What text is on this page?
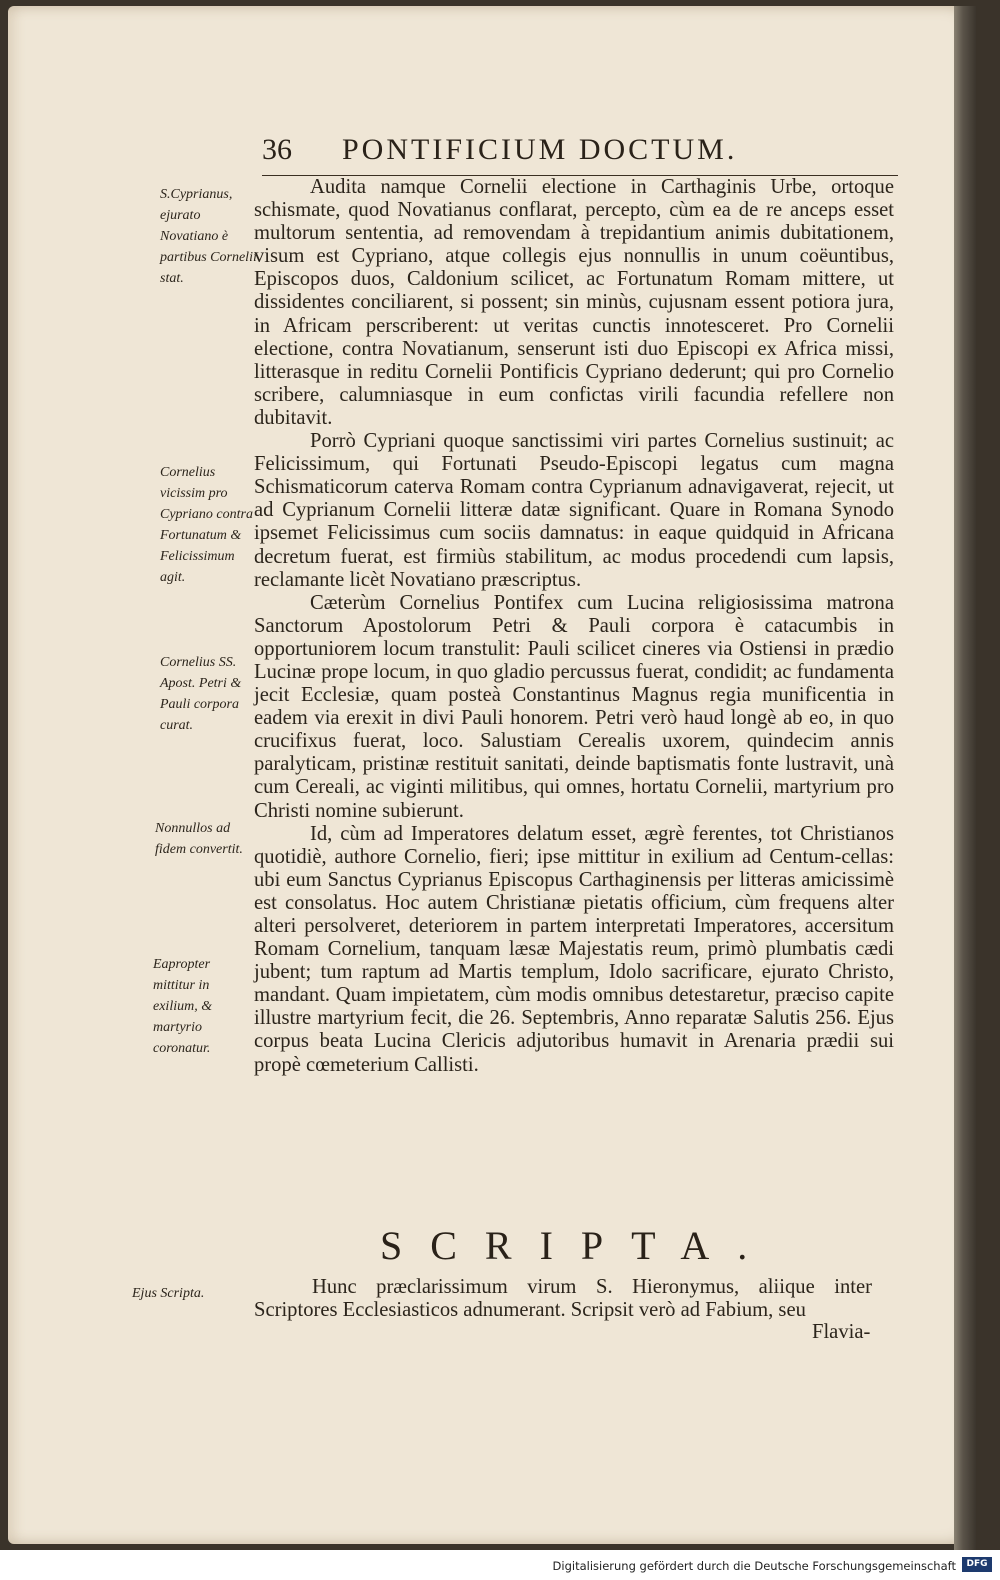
36 PONTIFICIUM DOCTUM.
S.Cyprianus, ejurato Novatiano è partibus Cornelii stat.
Cornelius vicissim pro Cypriano contra Fortunatum & Felicissimum agit.
Cornelius SS. Apost. Petri & Pauli corpora curat.
Nonnullos ad fidem convertit.
Eapropter mittitur in exilium, & martyrio coronatur.
Ejus Scripta.

Audita namque Cornelii electione in Carthaginis Urbe, ortoque schismate, quod Novatianus conflarat, percepto, cùm ea de re anceps esset multorum sententia, ad removendam à trepidantium animis dubitationem, visum est Cypriano, atque collegis ejus nonnullis in unum coëuntibus, Episcopos duos, Caldonium scilicet, ac Fortunatum Romam mittere, ut dissidentes conciliarent, si possent; sin minùs, cujusnam essent potiora jura, in Africam perscriberent: ut veritas cunctis innotesceret. Pro Cornelii electione, contra Novatianum, senserunt isti duo Episcopi ex Africa missi, litterasque in reditu Cornelii Pontificis Cypriano dederunt; qui pro Cornelio scribere, calumniasque in eum confictas virili facundia refellere non dubitavit.

Porrò Cypriani quoque sanctissimi viri partes Cornelius sustinuit; ac Felicissimum, qui Fortunati Pseudo-Episcopi legatus cum magna Schismaticorum caterva Romam contra Cyprianum adnavigaverat, rejecit, ut ad Cyprianum Cornelii litteræ datæ significant. Quare in Romana Synodo ipsemet Felicissimus cum sociis damnatus: in eaque quidquid in Africana decretum fuerat, est firmiùs stabilitum, ac modus procedendi cum lapsis, reclamante licèt Novatiano præscriptus.

Cæterùm Cornelius Pontifex cum Lucina religiosissima matrona Sanctorum Apostolorum Petri & Pauli corpora è catacumbis in opportuniorem locum transtulit: Pauli scilicet cineres via Ostiensi in prædio Lucinæ prope locum, in quo gladio percussus fuerat, condidit; ac fundamenta jecit Ecclesiæ, quam posteà Constantinus Magnus regia munificentia in eadem via erexit in divi Pauli honorem. Petri verò haud longè ab eo, in quo crucifixus fuerat, loco. Salustiam Cerealis uxorem, quindecim annis paralyticam, pristinæ restituit sanitati, deinde baptismatis fonte lustravit, unà cum Cereali, ac viginti militibus, qui omnes, hortatu Cornelii, martyrium pro Christi nomine subierunt.

Id, cùm ad Imperatores delatum esset, ægrè ferentes, tot Christianos quotidiè, authore Cornelio, fieri; ipse mittitur in exilium ad Centum-cellas: ubi eum Sanctus Cyprianus Episcopus Carthaginensis per litteras amicissimè est consolatus. Hoc autem Christianæ pietatis officium, cùm frequens alter alteri persolveret, deteriorem in partem interpretati Imperatores, accersitum Romam Cornelium, tanquam læsæ Majestatis reum, primò plumbatis cædi jubent; tum raptum ad Martis templum, Idolo sacrificare, ejurato Christo, mandant. Quam impietatem, cùm modis omnibus detestaretur, præciso capite illustre martyrium fecit, die 26. Septembris, Anno reparatæ Salutis 256. Ejus corpus beata Lucina Clericis adjutoribus humavit in Arenaria prædii sui propè cœmeterium Callisti.

SCRIPTA.

Hunc præclarissimum virum S. Hieronymus, aliique inter Scriptores Ecclesiasticos adnumerant. Scripsit verò ad Fabium, seu

Flavia-
Digitalisierung gefördert durch die Deutsche Forschungsgemeinschaft	DFG
